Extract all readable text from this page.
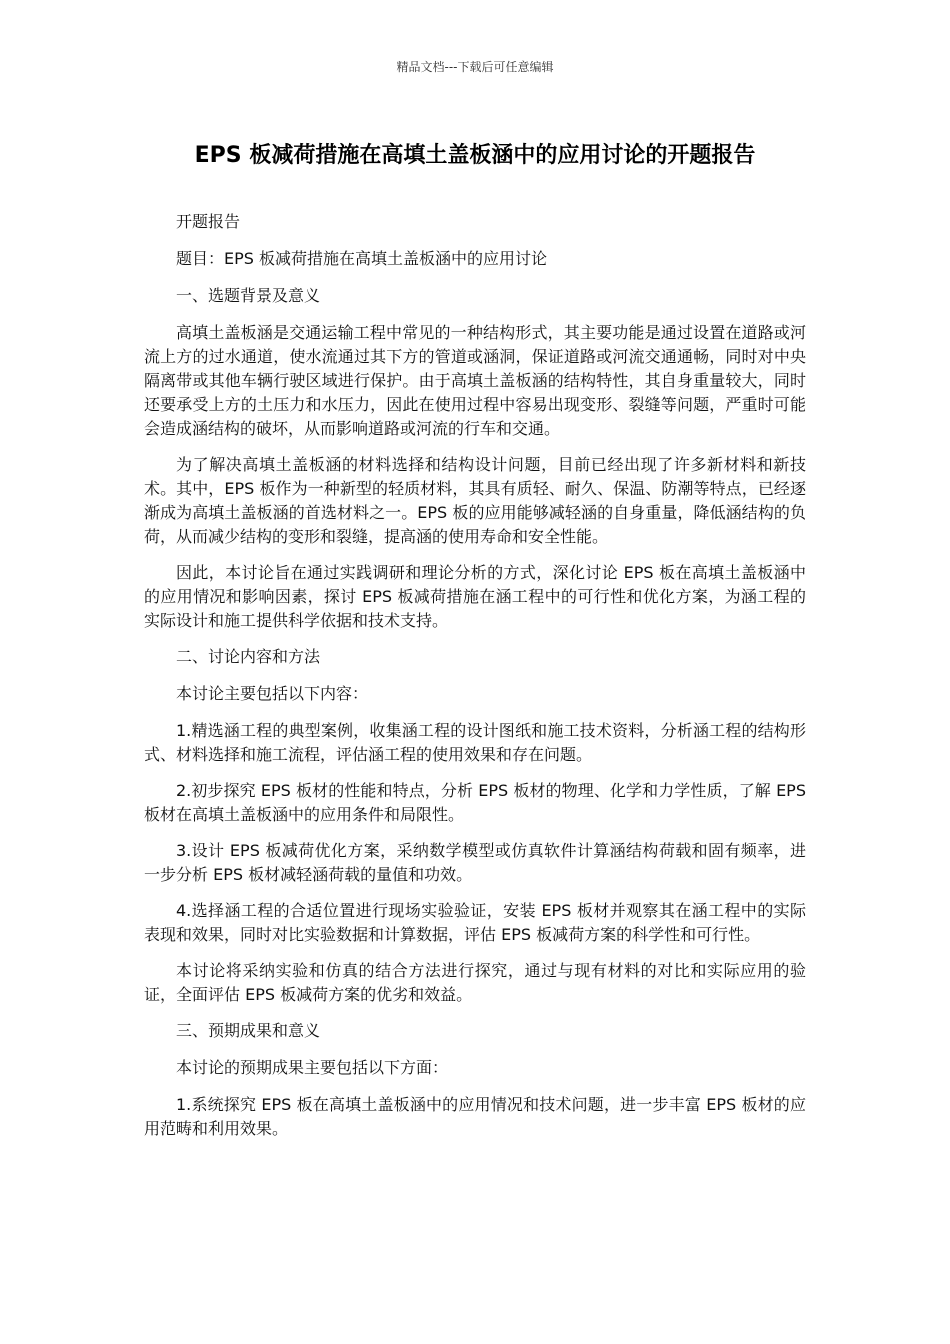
精品文档---下载后可任意编辑
EPS 板减荷措施在高填土盖板涵中的应用讨论的开题报告

开题报告

题目：EPS 板减荷措施在高填土盖板涵中的应用讨论

一、选题背景及意义

高填土盖板涵是交通运输工程中常见的一种结构形式，其主要功能是通过设置在道路或河流上方的过水通道，使水流通过其下方的管道或涵洞，保证道路或河流交通通畅，同时对中央隔离带或其他车辆行驶区域进行保护。由于高填土盖板涵的结构特性，其自身重量较大，同时还要承受上方的土压力和水压力，因此在使用过程中容易出现变形、裂缝等问题，严重时可能会造成涵结构的破坏，从而影响道路或河流的行车和交通。

为了解决高填土盖板涵的材料选择和结构设计问题，目前已经出现了许多新材料和新技术。其中，EPS 板作为一种新型的轻质材料，其具有质轻、耐久、保温、防潮等特点，已经逐渐成为高填土盖板涵的首选材料之一。EPS 板的应用能够减轻涵的自身重量，降低涵结构的负荷，从而减少结构的变形和裂缝，提高涵的使用寿命和安全性能。

因此，本讨论旨在通过实践调研和理论分析的方式，深化讨论 EPS 板在高填土盖板涵中的应用情况和影响因素，探讨 EPS 板减荷措施在涵工程中的可行性和优化方案，为涵工程的实际设计和施工提供科学依据和技术支持。

二、讨论内容和方法

本讨论主要包括以下内容：

1.精选涵工程的典型案例，收集涵工程的设计图纸和施工技术资料，分析涵工程的结构形式、材料选择和施工流程，评估涵工程的使用效果和存在问题。

2.初步探究 EPS 板材的性能和特点，分析 EPS 板材的物理、化学和力学性质，了解 EPS 板材在高填土盖板涵中的应用条件和局限性。

3.设计 EPS 板减荷优化方案，采纳数学模型或仿真软件计算涵结构荷载和固有频率，进一步分析 EPS 板材减轻涵荷载的量值和功效。

4.选择涵工程的合适位置进行现场实验验证，安装 EPS 板材并观察其在涵工程中的实际表现和效果，同时对比实验数据和计算数据，评估 EPS 板减荷方案的科学性和可行性。

本讨论将采纳实验和仿真的结合方法进行探究，通过与现有材料的对比和实际应用的验证，全面评估 EPS 板减荷方案的优劣和效益。

三、预期成果和意义

本讨论的预期成果主要包括以下方面：

1.系统探究 EPS 板在高填土盖板涵中的应用情况和技术问题，进一步丰富 EPS 板材的应用范畴和利用效果。
